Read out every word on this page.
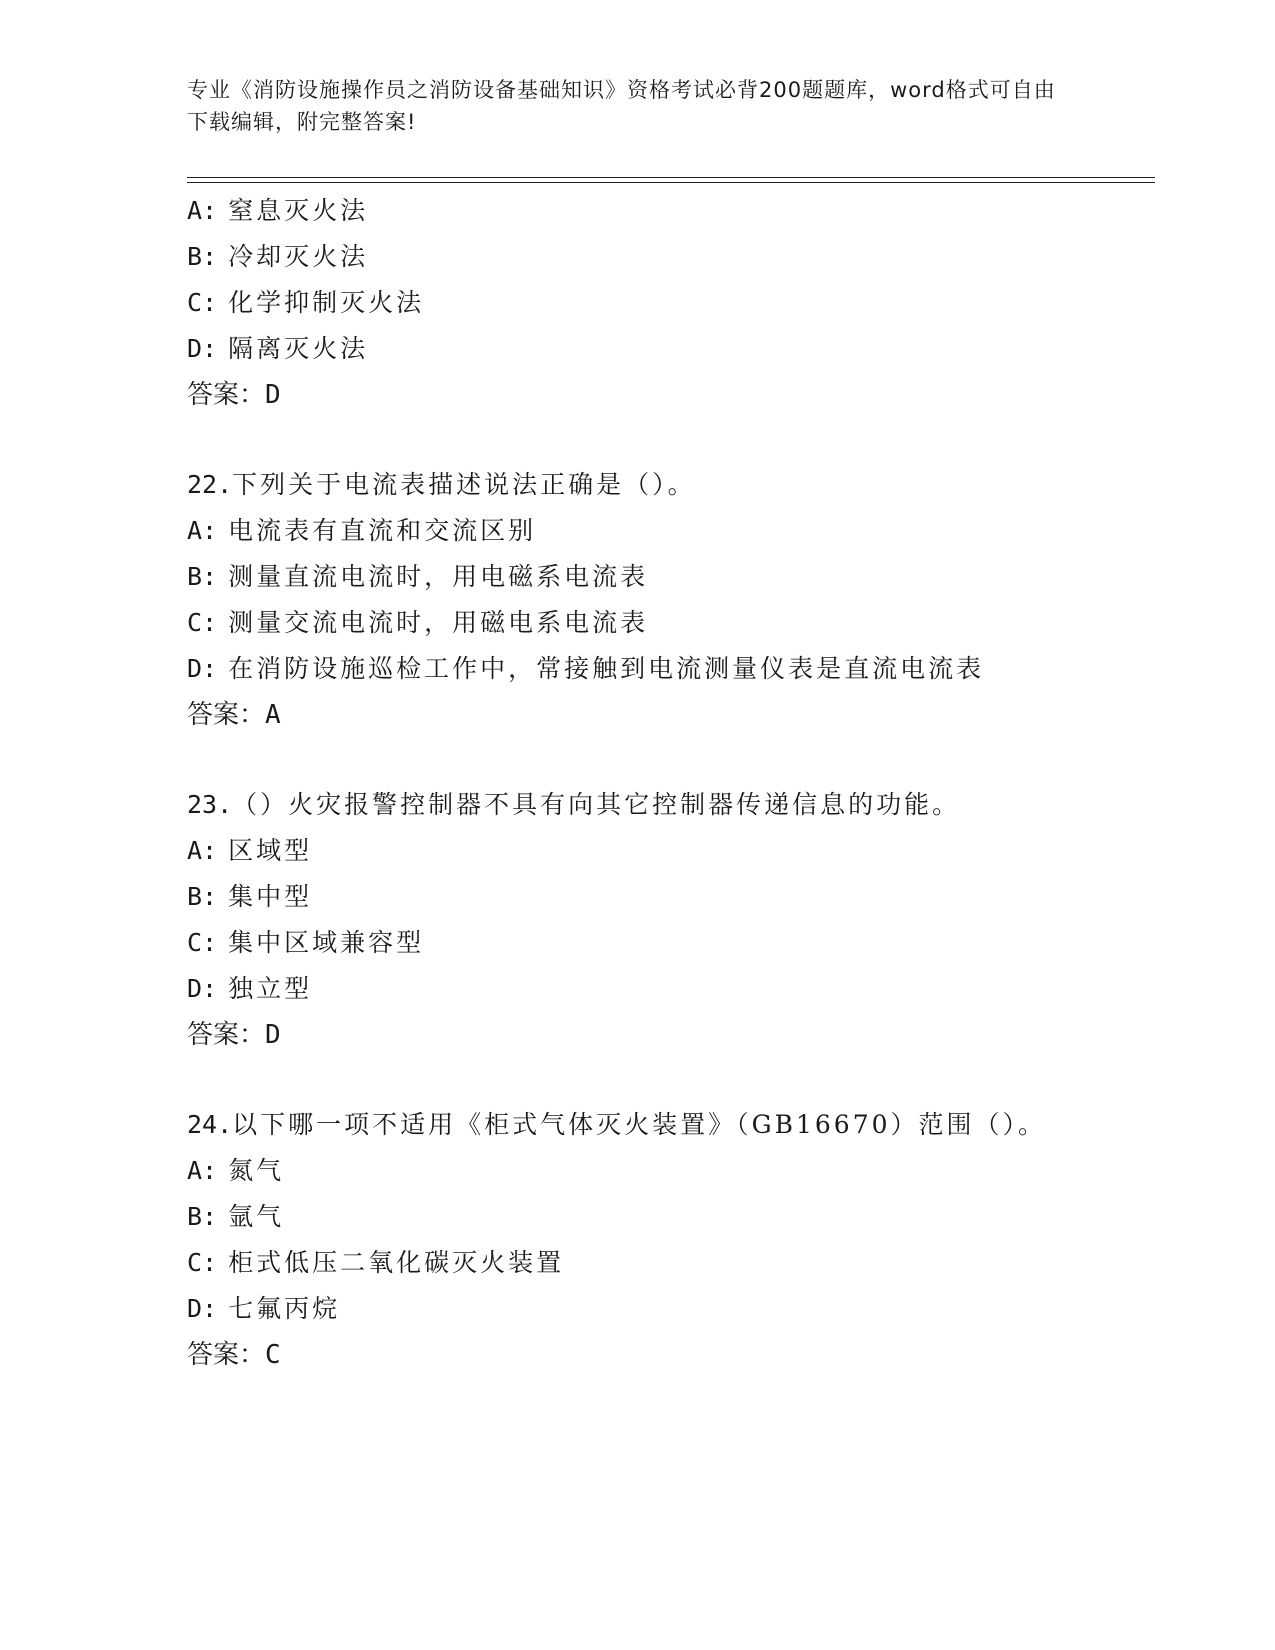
专业《消防设施操作员之消防设备基础知识》资格考试必背200题题库，word格式可自由下载编辑，附完整答案!
A: 窒息灭火法
B: 冷却灭火法
C: 化学抑制灭火法
D: 隔离灭火法
答案：D
22.下列关于电流表描述说法正确是（）。
A: 电流表有直流和交流区别
B: 测量直流电流时，用电磁系电流表
C: 测量交流电流时，用磁电系电流表
D: 在消防设施巡检工作中，常接触到电流测量仪表是直流电流表
答案：A
23.（）火灾报警控制器不具有向其它控制器传递信息的功能。
A: 区域型
B: 集中型
C: 集中区域兼容型
D: 独立型
答案：D
24.以下哪一项不适用《柜式气体灭火装置》（GB16670）范围（）。
A: 氮气
B: 氩气
C: 柜式低压二氧化碳灭火装置
D: 七氟丙烷
答案：C
